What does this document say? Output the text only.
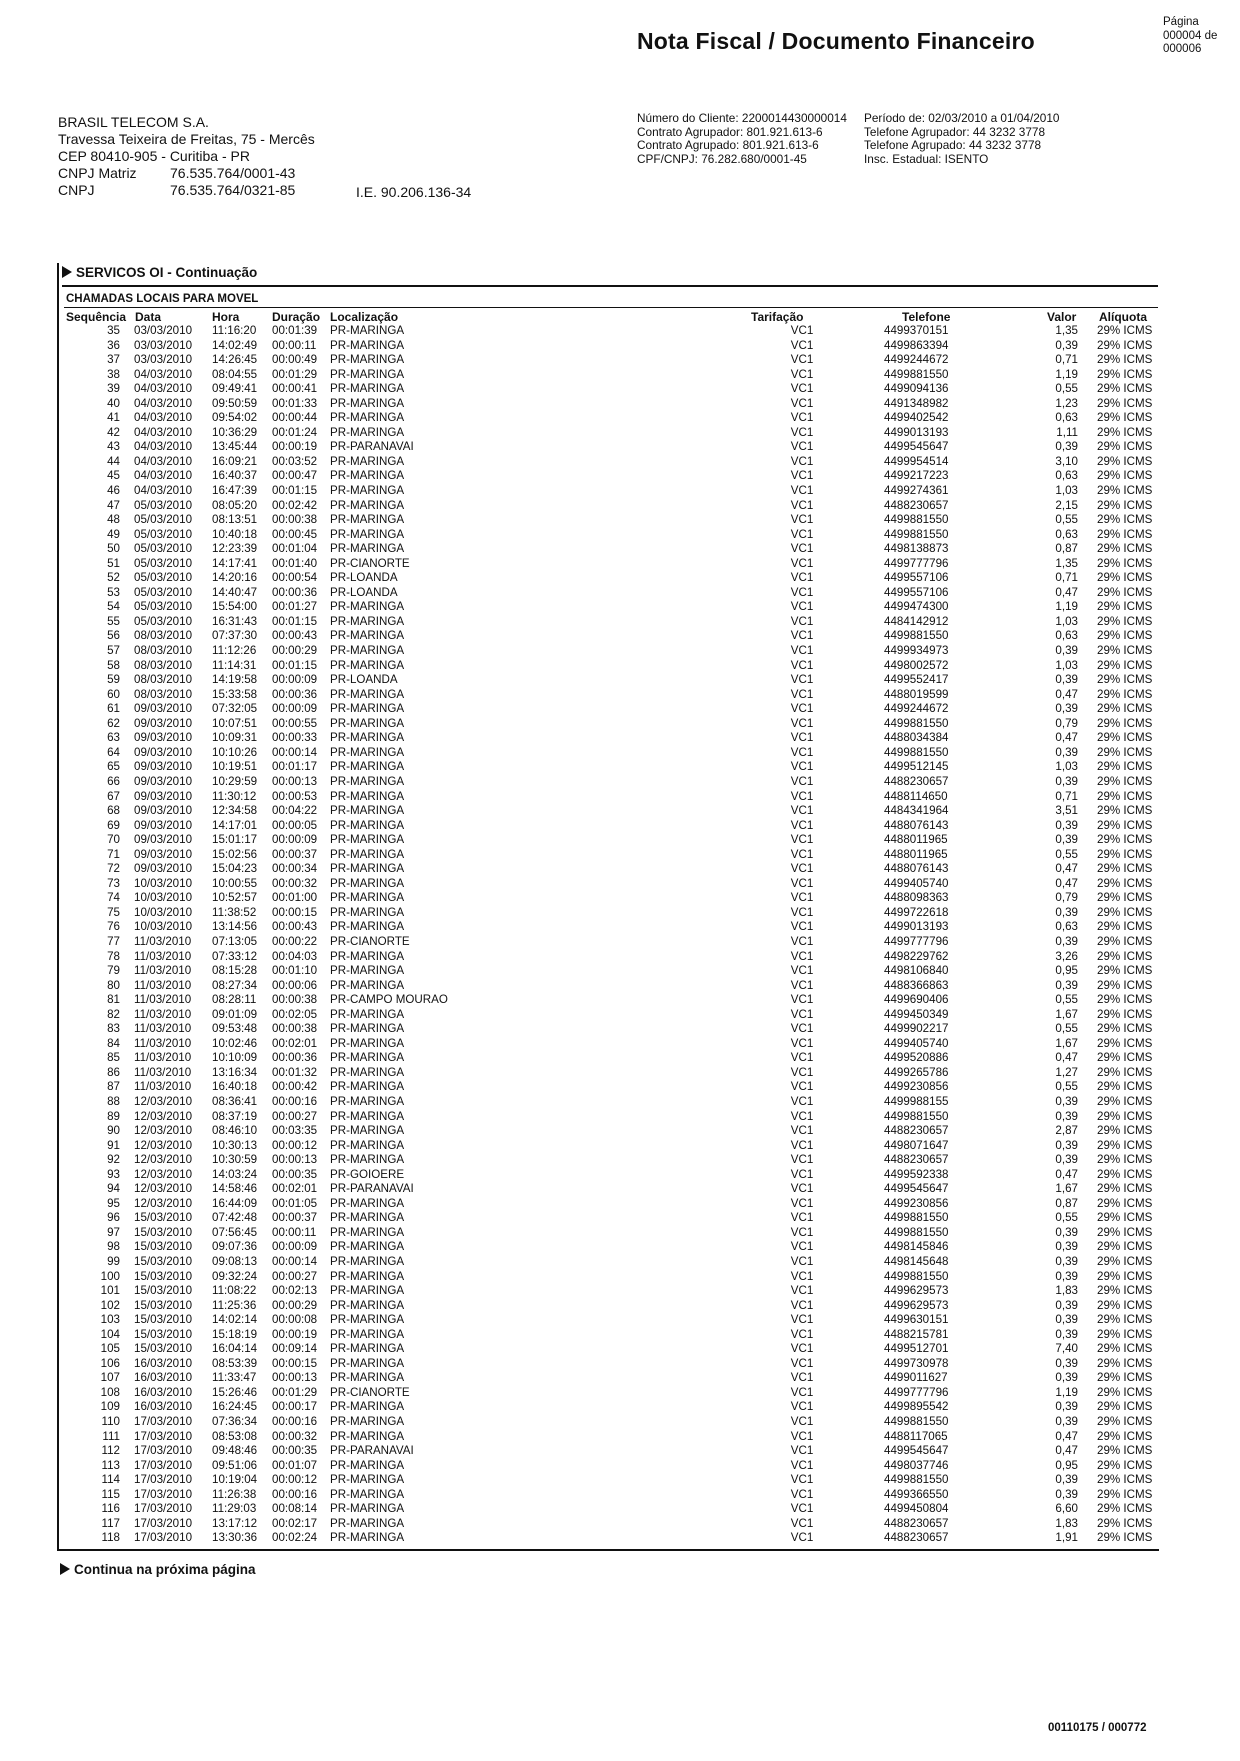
Nota Fiscal / Documento Financeiro
Página
000004 de
000006
BRASIL TELECOM S.A.
Travessa Teixeira de Freitas, 75 - Mercês
CEP 80410-905 - Curitiba - PR
CNPJ Matriz	76.535.764/0001-43
CNPJ	76.535.764/0321-85	I.E. 90.206.136-34
Número do Cliente: 2200014430000014
Contrato Agrupador: 801.921.613-6
Contrato Agrupado: 801.921.613-6
CPF/CNPJ: 76.282.680/0001-45
Período de: 02/03/2010 a 01/04/2010
Telefone Agrupador: 44 3232 3778
Telefone Agrupado: 44 3232 3778
Insc. Estadual: ISENTO
SERVICOS OI - Continuação
CHAMADAS LOCAIS PARA MOVEL
Sequência Data	Hora	Duração Localização	Tarifação	Telefone	Valor Alíquota
35 03/03/2010 11:16:20 00:01:39 PR-MARINGA	VC1	4499370151	1,35 29% ICMS
36 03/03/2010 14:02:49 00:00:11 PR-MARINGA	VC1	4499863394	0,39 29% ICMS
37 03/03/2010 14:26:45 00:00:49 PR-MARINGA	VC1	4499244672	0,71 29% ICMS
38 04/03/2010 08:04:55 00:01:29 PR-MARINGA	VC1	4499881550	1,19 29% ICMS
39 04/03/2010 09:49:41 00:00:41 PR-MARINGA	VC1	4499094136	0,55 29% ICMS
40 04/03/2010 09:50:59 00:01:33 PR-MARINGA	VC1	4491348982	1,23 29% ICMS
41 04/03/2010 09:54:02 00:00:44 PR-MARINGA	VC1	4499402542	0,63 29% ICMS
42 04/03/2010 10:36:29 00:01:24 PR-MARINGA	VC1	4499013193	1,11 29% ICMS
43 04/03/2010 13:45:44 00:00:19 PR-PARANAVAI	VC1	4499545647	0,39 29% ICMS
44 04/03/2010 16:09:21 00:03:52 PR-MARINGA	VC1	4499954514	3,10 29% ICMS
45 04/03/2010 16:40:37 00:00:47 PR-MARINGA	VC1	4499217223	0,63 29% ICMS
46 04/03/2010 16:47:39 00:01:15 PR-MARINGA	VC1	4499274361	1,03 29% ICMS
47 05/03/2010 08:05:20 00:02:42 PR-MARINGA	VC1	4488230657	2,15 29% ICMS
48 05/03/2010 08:13:51 00:00:38 PR-MARINGA	VC1	4499881550	0,55 29% ICMS
49 05/03/2010 10:40:18 00:00:45 PR-MARINGA	VC1	4499881550	0,63 29% ICMS
50 05/03/2010 12:23:39 00:01:04 PR-MARINGA	VC1	4498138873	0,87 29% ICMS
51 05/03/2010 14:17:41 00:01:40 PR-CIANORTE	VC1	4499777796	1,35 29% ICMS
52 05/03/2010 14:20:16 00:00:54 PR-LOANDA	VC1	4499557106	0,71 29% ICMS
53 05/03/2010 14:40:47 00:00:36 PR-LOANDA	VC1	4499557106	0,47 29% ICMS
54 05/03/2010 15:54:00 00:01:27 PR-MARINGA	VC1	4499474300	1,19 29% ICMS
55 05/03/2010 16:31:43 00:01:15 PR-MARINGA	VC1	4484142912	1,03 29% ICMS
56 08/03/2010 07:37:30 00:00:43 PR-MARINGA	VC1	4499881550	0,63 29% ICMS
57 08/03/2010 11:12:26 00:00:29 PR-MARINGA	VC1	4499934973	0,39 29% ICMS
58 08/03/2010 11:14:31 00:01:15 PR-MARINGA	VC1	4498002572	1,03 29% ICMS
59 08/03/2010 14:19:58 00:00:09 PR-LOANDA	VC1	4499552417	0,39 29% ICMS
60 08/03/2010 15:33:58 00:00:36 PR-MARINGA	VC1	4488019599	0,47 29% ICMS
61 09/03/2010 07:32:05 00:00:09 PR-MARINGA	VC1	4499244672	0,39 29% ICMS
62 09/03/2010 10:07:51 00:00:55 PR-MARINGA	VC1	4499881550	0,79 29% ICMS
63 09/03/2010 10:09:31 00:00:33 PR-MARINGA	VC1	4488034384	0,47 29% ICMS
64 09/03/2010 10:10:26 00:00:14 PR-MARINGA	VC1	4499881550	0,39 29% ICMS
65 09/03/2010 10:19:51 00:01:17 PR-MARINGA	VC1	4499512145	1,03 29% ICMS
66 09/03/2010 10:29:59 00:00:13 PR-MARINGA	VC1	4488230657	0,39 29% ICMS
67 09/03/2010 11:30:12 00:00:53 PR-MARINGA	VC1	4488114650	0,71 29% ICMS
68 09/03/2010 12:34:58 00:04:22 PR-MARINGA	VC1	4484341964	3,51 29% ICMS
69 09/03/2010 14:17:01 00:00:05 PR-MARINGA	VC1	4488076143	0,39 29% ICMS
70 09/03/2010 15:01:17 00:00:09 PR-MARINGA	VC1	4488011965	0,39 29% ICMS
71 09/03/2010 15:02:56 00:00:37 PR-MARINGA	VC1	4488011965	0,55 29% ICMS
72 09/03/2010 15:04:23 00:00:34 PR-MARINGA	VC1	4488076143	0,47 29% ICMS
73 10/03/2010 10:00:55 00:00:32 PR-MARINGA	VC1	4499405740	0,47 29% ICMS
74 10/03/2010 10:52:57 00:01:00 PR-MARINGA	VC1	4488098363	0,79 29% ICMS
75 10/03/2010 11:38:52 00:00:15 PR-MARINGA	VC1	4499722618	0,39 29% ICMS
76 10/03/2010 13:14:56 00:00:43 PR-MARINGA	VC1	4499013193	0,63 29% ICMS
77 11/03/2010 07:13:05 00:00:22 PR-CIANORTE	VC1	4499777796	0,39 29% ICMS
78 11/03/2010 07:33:12 00:04:03 PR-MARINGA	VC1	4498229762	3,26 29% ICMS
79 11/03/2010 08:15:28 00:01:10 PR-MARINGA	VC1	4498106840	0,95 29% ICMS
80 11/03/2010 08:27:34 00:00:06 PR-MARINGA	VC1	4488366863	0,39 29% ICMS
81 11/03/2010 08:28:11 00:00:38 PR-CAMPO MOURAO	VC1	4499690406	0,55 29% ICMS
82 11/03/2010 09:01:09 00:02:05 PR-MARINGA	VC1	4499450349	1,67 29% ICMS
83 11/03/2010 09:53:48 00:00:38 PR-MARINGA	VC1	4499902217	0,55 29% ICMS
84 11/03/2010 10:02:46 00:02:01 PR-MARINGA	VC1	4499405740	1,67 29% ICMS
85 11/03/2010 10:10:09 00:00:36 PR-MARINGA	VC1	4499520886	0,47 29% ICMS
86 11/03/2010 13:16:34 00:01:32 PR-MARINGA	VC1	4499265786	1,27 29% ICMS
87 11/03/2010 16:40:18 00:00:42 PR-MARINGA	VC1	4499230856	0,55 29% ICMS
88 12/03/2010 08:36:41 00:00:16 PR-MARINGA	VC1	4499988155	0,39 29% ICMS
89 12/03/2010 08:37:19 00:00:27 PR-MARINGA	VC1	4499881550	0,39 29% ICMS
90 12/03/2010 08:46:10 00:03:35 PR-MARINGA	VC1	4488230657	2,87 29% ICMS
91 12/03/2010 10:30:13 00:00:12 PR-MARINGA	VC1	4498071647	0,39 29% ICMS
92 12/03/2010 10:30:59 00:00:13 PR-MARINGA	VC1	4488230657	0,39 29% ICMS
93 12/03/2010 14:03:24 00:00:35 PR-GOIOERE	VC1	4499592338	0,47 29% ICMS
94 12/03/2010 14:58:46 00:02:01 PR-PARANAVAI	VC1	4499545647	1,67 29% ICMS
95 12/03/2010 16:44:09 00:01:05 PR-MARINGA	VC1	4499230856	0,87 29% ICMS
96 15/03/2010 07:42:48 00:00:37 PR-MARINGA	VC1	4499881550	0,55 29% ICMS
97 15/03/2010 07:56:45 00:00:11 PR-MARINGA	VC1	4499881550	0,39 29% ICMS
98 15/03/2010 09:07:36 00:00:09 PR-MARINGA	VC1	4498145846	0,39 29% ICMS
99 15/03/2010 09:08:13 00:00:14 PR-MARINGA	VC1	4498145648	0,39 29% ICMS
100 15/03/2010 09:32:24 00:00:27 PR-MARINGA	VC1	4499881550	0,39 29% ICMS
101 15/03/2010 11:08:22 00:02:13 PR-MARINGA	VC1	4499629573	1,83 29% ICMS
102 15/03/2010 11:25:36 00:00:29 PR-MARINGA	VC1	4499629573	0,39 29% ICMS
103 15/03/2010 14:02:14 00:00:08 PR-MARINGA	VC1	4499630151	0,39 29% ICMS
104 15/03/2010 15:18:19 00:00:19 PR-MARINGA	VC1	4488215781	0,39 29% ICMS
105 15/03/2010 16:04:14 00:09:14 PR-MARINGA	VC1	4499512701	7,40 29% ICMS
106 16/03/2010 08:53:39 00:00:15 PR-MARINGA	VC1	4499730978	0,39 29% ICMS
107 16/03/2010 11:33:47 00:00:13 PR-MARINGA	VC1	4499011627	0,39 29% ICMS
108 16/03/2010 15:26:46 00:01:29 PR-CIANORTE	VC1	4499777796	1,19 29% ICMS
109 16/03/2010 16:24:45 00:00:17 PR-MARINGA	VC1	4499895542	0,39 29% ICMS
110 17/03/2010 07:36:34 00:00:16 PR-MARINGA	VC1	4499881550	0,39 29% ICMS
111 17/03/2010 08:53:08 00:00:32 PR-MARINGA	VC1	4488117065	0,47 29% ICMS
112 17/03/2010 09:48:46 00:00:35 PR-PARANAVAI	VC1	4499545647	0,47 29% ICMS
113 17/03/2010 09:51:06 00:01:07 PR-MARINGA	VC1	4498037746	0,95 29% ICMS
114 17/03/2010 10:19:04 00:00:12 PR-MARINGA	VC1	4499881550	0,39 29% ICMS
115 17/03/2010 11:26:38 00:00:16 PR-MARINGA	VC1	4499366550	0,39 29% ICMS
116 17/03/2010 11:29:03 00:08:14 PR-MARINGA	VC1	4499450804	6,60 29% ICMS
117 17/03/2010 13:17:12 00:02:17 PR-MARINGA	VC1	4488230657	1,83 29% ICMS
118 17/03/2010 13:30:36 00:02:24 PR-MARINGA	VC1	4488230657	1,91 29% ICMS
Continua na próxima página
00110175 / 000772
